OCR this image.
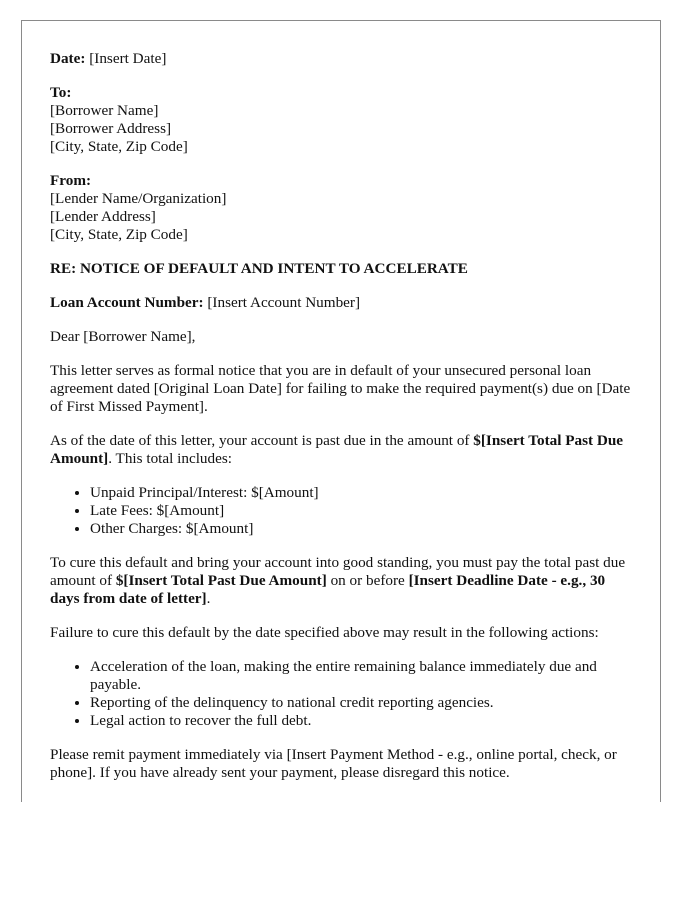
Date: [Insert Date]
To:
[Borrower Name]
[Borrower Address]
[City, State, Zip Code]
From:
[Lender Name/Organization]
[Lender Address]
[City, State, Zip Code]
RE: NOTICE OF DEFAULT AND INTENT TO ACCELERATE
Loan Account Number: [Insert Account Number]
Dear [Borrower Name],
This letter serves as formal notice that you are in default of your unsecured personal loan agreement dated [Original Loan Date] for failing to make the required payment(s) due on [Date of First Missed Payment].
As of the date of this letter, your account is past due in the amount of $[Insert Total Past Due Amount]. This total includes:
• Unpaid Principal/Interest: $[Amount]
• Late Fees: $[Amount]
• Other Charges: $[Amount]
To cure this default and bring your account into good standing, you must pay the total past due amount of $[Insert Total Past Due Amount] on or before [Insert Deadline Date - e.g., 30 days from date of letter].
Failure to cure this default by the date specified above may result in the following actions:
• Acceleration of the loan, making the entire remaining balance immediately due and payable.
• Reporting of the delinquency to national credit reporting agencies.
• Legal action to recover the full debt.
Please remit payment immediately via [Insert Payment Method - e.g., online portal, check, or phone]. If you have already sent your payment, please disregard this notice.
